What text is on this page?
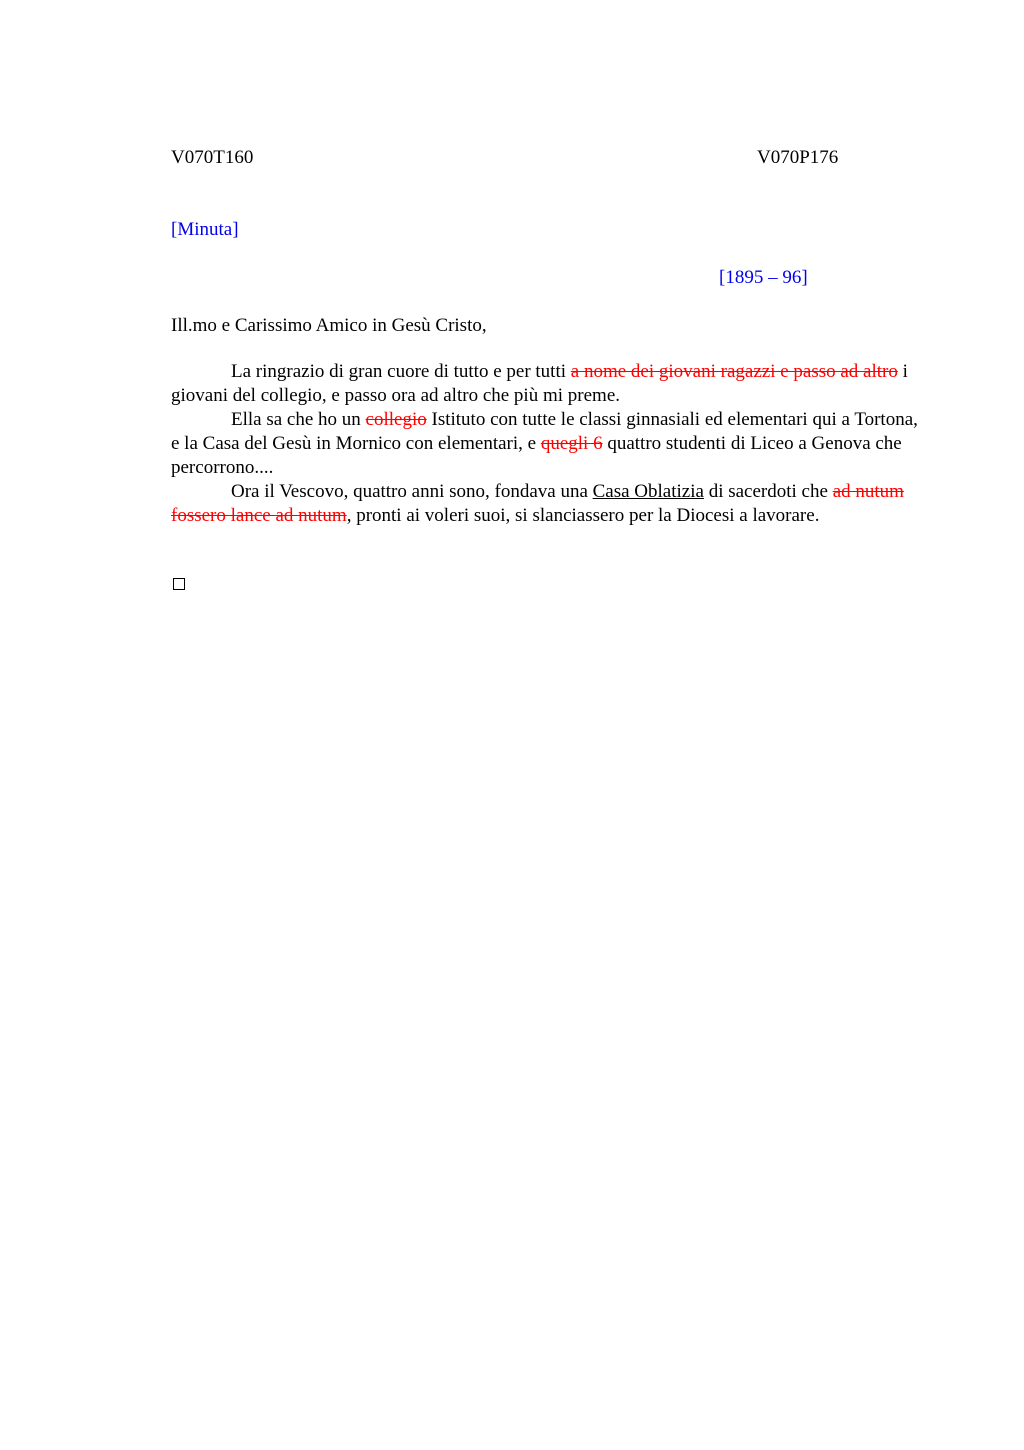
V070T160	V070P176
[Minuta]
[1895 – 96]
Ill.mo e Carissimo Amico in Gesù Cristo,

La ringrazio di gran cuore di tutto e per tutti a nome dei giovani ragazzi e passo ad altro i giovani del collegio, e passo ora ad altro che più mi preme.

Ella sa che ho un collegio Istituto con tutte le classi ginnasiali ed elementari qui a Tortona, e la Casa del Gesù in Mornico con elementari, e quegli 6 quattro studenti di Liceo a Genova che percorrono....

Ora il Vescovo, quattro anni sono, fondava una Casa Oblatizia di sacerdoti che ad nutum fossero lance ad nutum, pronti ai voleri suoi, si slanciassero per la Diocesi a lavorare.
